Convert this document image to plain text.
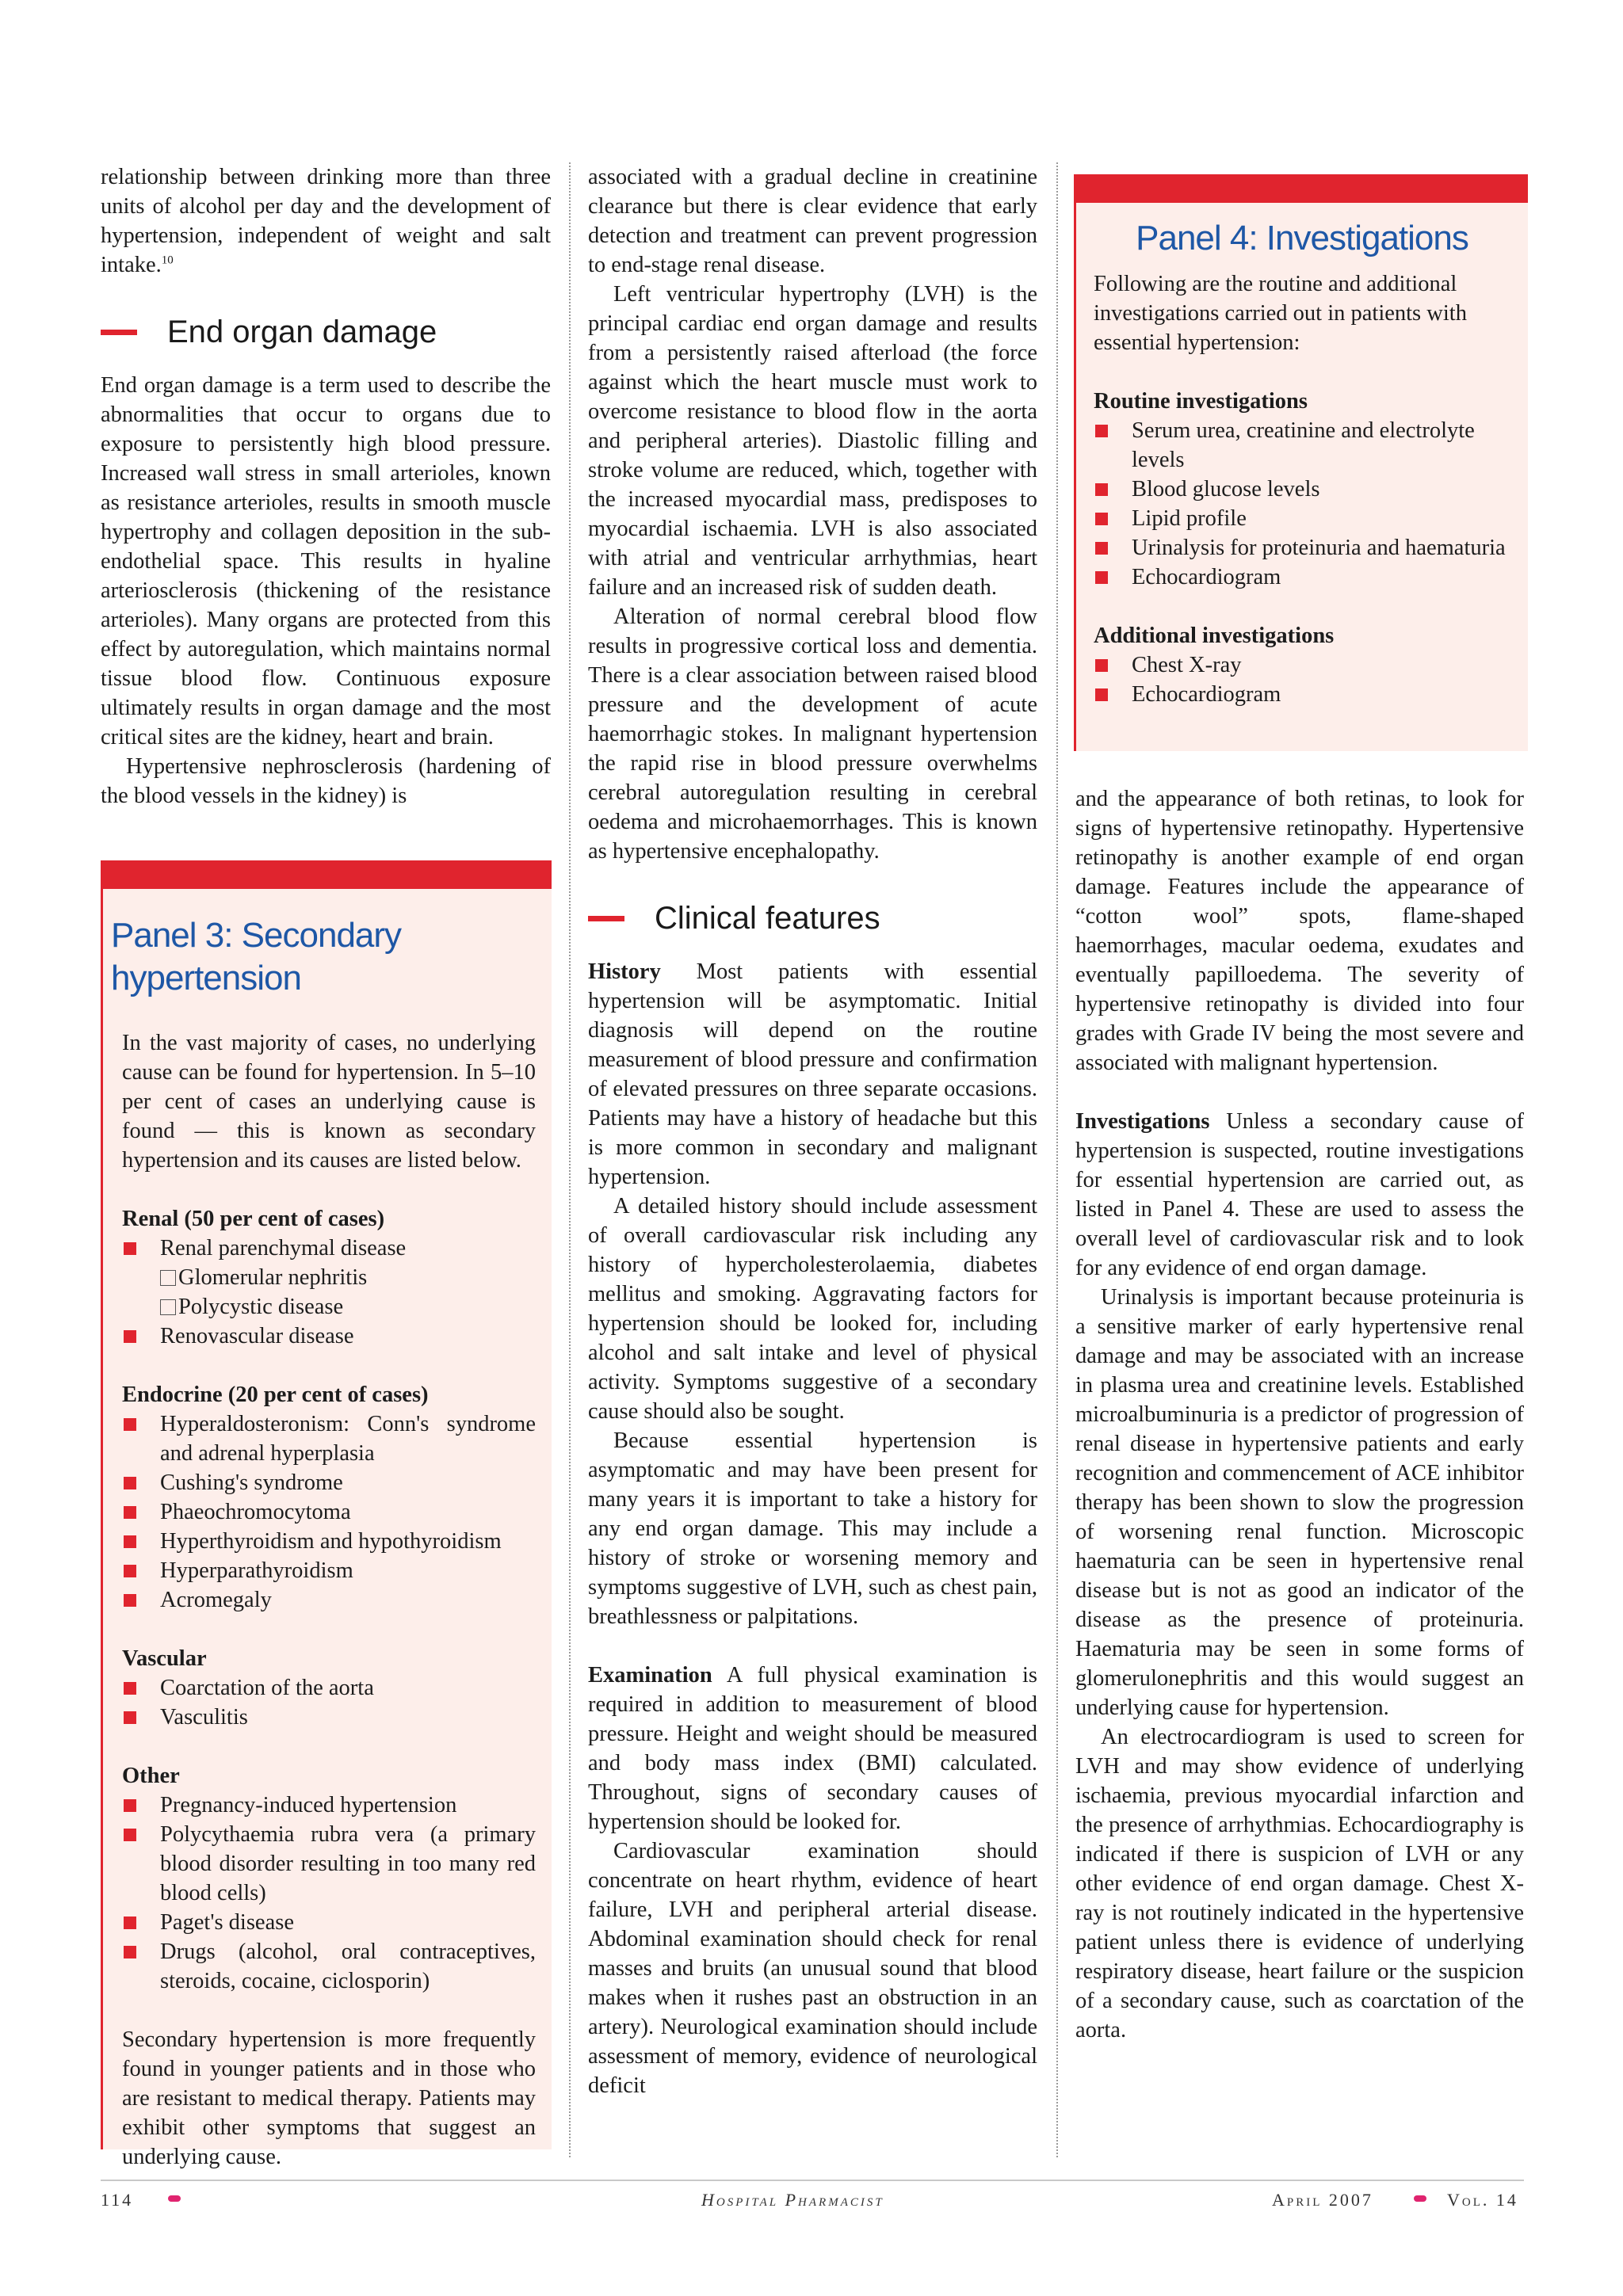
relationship between drinking more than three units of alcohol per day and the development of hypertension, independent of weight and salt intake.$^{10}$

End organ damage

End organ damage is a term used to describe the abnormalities that occur to organs due to exposure to persistently high blood pressure. Increased wall stress in small arterioles, known as resistance arterioles, results in smooth muscle hypertrophy and collagen deposition in the sub-endothelial space. This results in hyaline arteriosclerosis (thickening of the resistance arterioles). Many organs are protected from this effect by autoregulation, which maintains normal tissue blood flow. Continuous exposure ultimately results in organ damage and the most critical sites are the kidney, heart and brain.

Hypertensive nephrosclerosis (hardening of the blood vessels in the kidney) is

Panel 3: Secondary hypertension

In the vast majority of cases, no underlying cause can be found for hypertension. In 5–10 per cent of cases an underlying cause is found — this is known as secondary hypertension and its causes are listed below.

Renal (50 per cent of cases)

Renal parenchymal disease
Glomerular nephritis
Polycystic disease
Renovascular disease

Endocrine (20 per cent of cases)

Hyperaldosteronism: Conn's syndrome and adrenal hyperplasia
Cushing's syndrome
Phaeochromocytoma
Hyperthyroidism and hypothyroidism
Hyperparathyroidism
Acromegaly

Vascular

Coarctation of the aorta
Vasculitis

Other

Pregnancy-induced hypertension
Polycythaemia rubra vera (a primary blood disorder resulting in too many red blood cells)
Paget's disease
Drugs (alcohol, oral contraceptives, steroids, cocaine, ciclosporin)

Secondary hypertension is more frequently found in younger patients and in those who are resistant to medical therapy. Patients may exhibit other symptoms that suggest an underlying cause.

associated with a gradual decline in creatinine clearance but there is clear evidence that early detection and treatment can prevent progression to end-stage renal disease.

Left ventricular hypertrophy (LVH) is the principal cardiac end organ damage and results from a persistently raised afterload (the force against which the heart muscle must work to overcome resistance to blood flow in the aorta and peripheral arteries). Diastolic filling and stroke volume are reduced, which, together with the increased myocardial mass, predisposes to myocardial ischaemia. LVH is also associated with atrial and ventricular arrhythmias, heart failure and an increased risk of sudden death.

Alteration of normal cerebral blood flow results in progressive cortical loss and dementia. There is a clear association between raised blood pressure and the development of acute haemorrhagic stokes. In malignant hypertension the rapid rise in blood pressure overwhelms cerebral autoregulation resulting in cerebral oedema and microhaemorrhages. This is known as hypertensive encephalopathy.

Clinical features

History Most patients with essential hypertension will be asymptomatic. Initial diagnosis will depend on the routine measurement of blood pressure and confirmation of elevated pressures on three separate occasions. Patients may have a history of headache but this is more common in secondary and malignant hypertension.

A detailed history should include assessment of overall cardiovascular risk including any history of hypercholesterolaemia, diabetes mellitus and smoking. Aggravating factors for hypertension should be looked for, including alcohol and salt intake and level of physical activity. Symptoms suggestive of a secondary cause should also be sought.

Because essential hypertension is asymptomatic and may have been present for many years it is important to take a history for any end organ damage. This may include a history of stroke or worsening memory and symptoms suggestive of LVH, such as chest pain, breathlessness or palpitations.

Examination A full physical examination is required in addition to measurement of blood pressure. Height and weight should be measured and body mass index (BMI) calculated. Throughout, signs of secondary causes of hypertension should be looked for.

Cardiovascular examination should concentrate on heart rhythm, evidence of heart failure, LVH and peripheral arterial disease. Abdominal examination should check for renal masses and bruits (an unusual sound that blood makes when it rushes past an obstruction in an artery). Neurological examination should include assessment of memory, evidence of neurological deficit

Panel 4: Investigations

Following are the routine and additional investigations carried out in patients with essential hypertension:

Routine investigations

Serum urea, creatinine and electrolyte levels
Blood glucose levels
Lipid profile
Urinalysis for proteinuria and haematuria
Echocardiogram

Additional investigations

Chest X-ray
Echocardiogram

and the appearance of both retinas, to look for signs of hypertensive retinopathy. Hypertensive retinopathy is another example of end organ damage. Features include the appearance of “cotton wool” spots, flame-shaped haemorrhages, macular oedema, exudates and eventually papilloedema. The severity of hypertensive retinopathy is divided into four grades with Grade IV being the most severe and associated with malignant hypertension.

Investigations Unless a secondary cause of hypertension is suspected, routine investigations for essential hypertension are carried out, as listed in Panel 4. These are used to assess the overall level of cardiovascular risk and to look for any evidence of end organ damage.

Urinalysis is important because proteinuria is a sensitive marker of early hypertensive renal damage and may be associated with an increase in plasma urea and creatinine levels. Established microalbuminuria is a predictor of progression of renal disease in hypertensive patients and early recognition and commencement of ACE inhibitor therapy has been shown to slow the progression of worsening renal function. Microscopic haematuria can be seen in hypertensive renal disease but is not as good an indicator of the disease as the presence of proteinuria. Haematuria may be seen in some forms of glomerulonephritis and this would suggest an underlying cause for hypertension.

An electrocardiogram is used to screen for LVH and may show evidence of underlying ischaemia, previous myocardial infarction and the presence of arrhythmias. Echocardiography is indicated if there is suspicion of LVH or any other evidence of end organ damage. Chest X-ray is not routinely indicated in the hypertensive patient unless there is evidence of underlying respiratory disease, heart failure or the suspicion of a secondary cause, such as coarctation of the aorta.

114	Hospital Pharmacist	April 2007	Vol. 14
